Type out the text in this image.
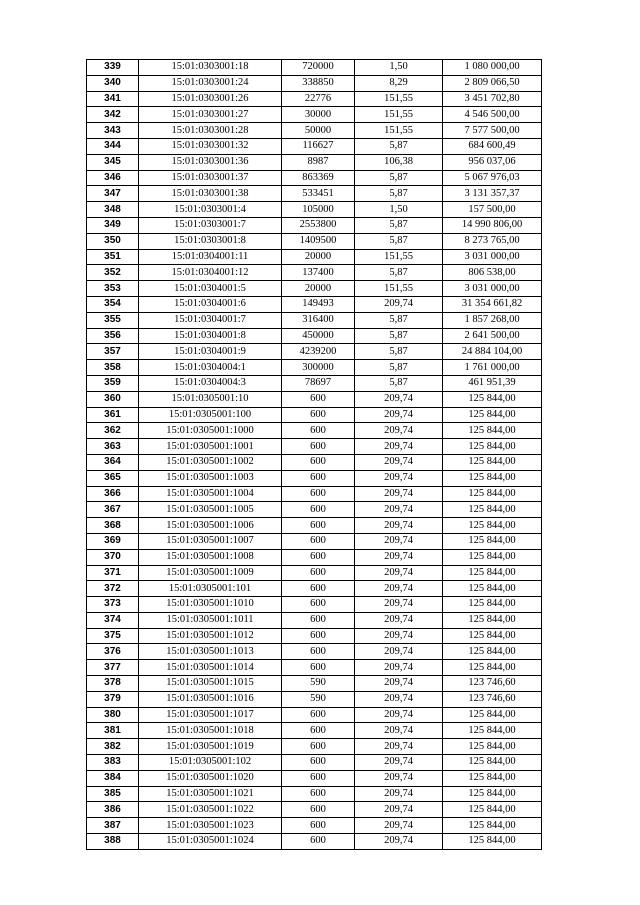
339	15:01:0303001:18	720000	1,50	1 080 000,00
340	15:01:0303001:24	338850	8,29	2 809 066,50
341	15:01:0303001:26	22776	151,55	3 451 702,80
342	15:01:0303001:27	30000	151,55	4 546 500,00
343	15:01:0303001:28	50000	151,55	7 577 500,00
344	15:01:0303001:32	116627	5,87	684 600,49
345	15:01:0303001:36	8987	106,38	956 037,06
346	15:01:0303001:37	863369	5,87	5 067 976,03
347	15:01:0303001:38	533451	5,87	3 131 357,37
348	15:01:0303001:4	105000	1,50	157 500,00
349	15:01:0303001:7	2553800	5,87	14 990 806,00
350	15:01:0303001:8	1409500	5,87	8 273 765,00
351	15:01:0304001:11	20000	151,55	3 031 000,00
352	15:01:0304001:12	137400	5,87	806 538,00
353	15:01:0304001:5	20000	151,55	3 031 000,00
354	15:01:0304001:6	149493	209,74	31 354 661,82
355	15:01:0304001:7	316400	5,87	1 857 268,00
356	15:01:0304001:8	450000	5,87	2 641 500,00
357	15:01:0304001:9	4239200	5,87	24 884 104,00
358	15:01:0304004:1	300000	5,87	1 761 000,00
359	15:01:0304004:3	78697	5,87	461 951,39
360	15:01:0305001:10	600	209,74	125 844,00
361	15:01:0305001:100	600	209,74	125 844,00
362	15:01:0305001:1000	600	209,74	125 844,00
363	15:01:0305001:1001	600	209,74	125 844,00
364	15:01:0305001:1002	600	209,74	125 844,00
365	15:01:0305001:1003	600	209,74	125 844,00
366	15:01:0305001:1004	600	209,74	125 844,00
367	15:01:0305001:1005	600	209,74	125 844,00
368	15:01:0305001:1006	600	209,74	125 844,00
369	15:01:0305001:1007	600	209,74	125 844,00
370	15:01:0305001:1008	600	209,74	125 844,00
371	15:01:0305001:1009	600	209,74	125 844,00
372	15:01:0305001:101	600	209,74	125 844,00
373	15:01:0305001:1010	600	209,74	125 844,00
374	15:01:0305001:1011	600	209,74	125 844,00
375	15:01:0305001:1012	600	209,74	125 844,00
376	15:01:0305001:1013	600	209,74	125 844,00
377	15:01:0305001:1014	600	209,74	125 844,00
378	15:01:0305001:1015	590	209,74	123 746,60
379	15:01:0305001:1016	590	209,74	123 746,60
380	15:01:0305001:1017	600	209,74	125 844,00
381	15:01:0305001:1018	600	209,74	125 844,00
382	15:01:0305001:1019	600	209,74	125 844,00
383	15:01:0305001:102	600	209,74	125 844,00
384	15:01:0305001:1020	600	209,74	125 844,00
385	15:01:0305001:1021	600	209,74	125 844,00
386	15:01:0305001:1022	600	209,74	125 844,00
387	15:01:0305001:1023	600	209,74	125 844,00
388	15:01:0305001:1024	600	209,74	125 844,00
